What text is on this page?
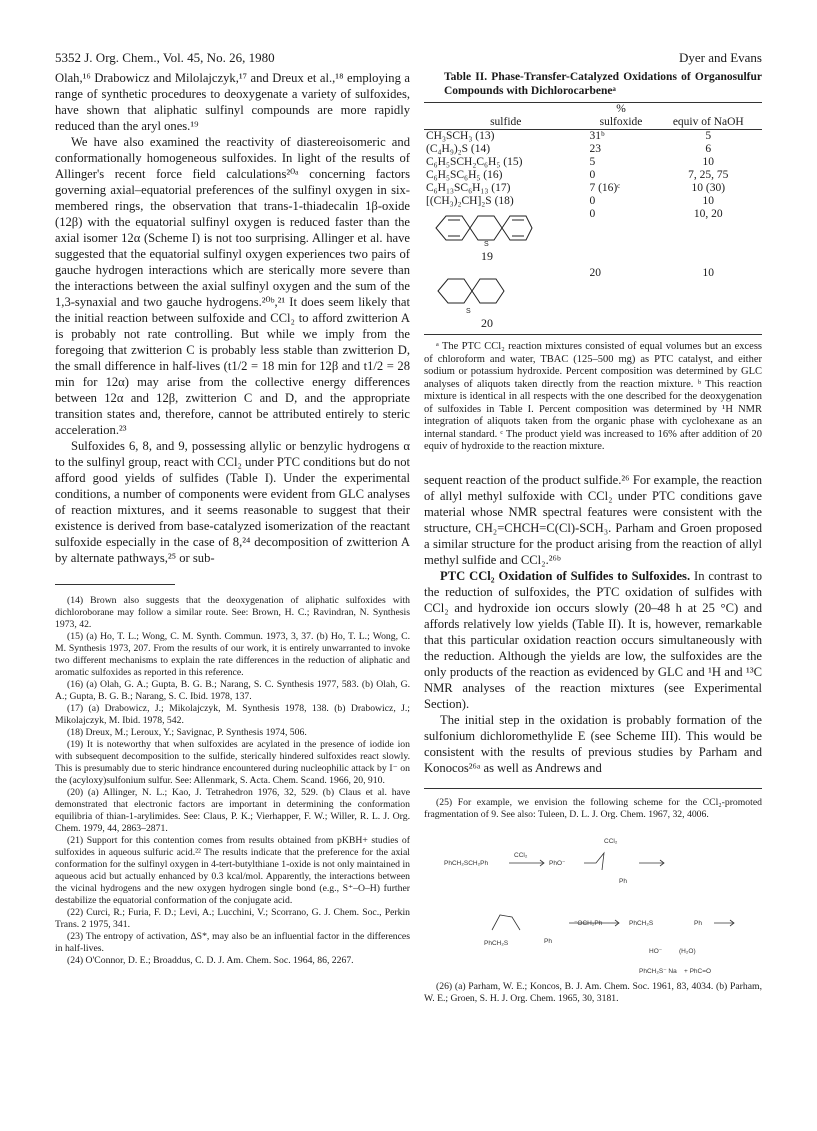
5352 J. Org. Chem., Vol. 45, No. 26, 1980	Dyer and Evans

Olah,¹⁶ Drabowicz and Milolajczyk,¹⁷ and Dreux et al.,¹⁸ employing a range of synthetic procedures to deoxygenate a variety of sulfoxides, have shown that aliphatic sulfinyl compounds are more rapidly reduced than the aryl ones.¹⁹

We have also examined the reactivity of diastereoisomeric and conformationally homogeneous sulfoxides. In light of the results of Allinger's recent force field calculations²⁰ᵃ concerning factors governing axial–equatorial preferences of the sulfinyl oxygen in six-membered rings, the observation that trans-1-thiadecalin 1β-oxide (12β) with the equatorial sulfinyl oxygen is reduced faster than the axial isomer 12α (Scheme I) is not too surprising. Allinger et al. have suggested that the equatorial sulfinyl oxygen experiences two pairs of gauche hydrogen interactions which are sterically more severe than the interactions between the axial sulfinyl oxygen and the sum of the 1,3-synaxial and two gauche hydrogens.²⁰ᵇ,²¹ It does seem likely that the initial reaction between sulfoxide and CCl₂ to afford zwitterion A is probably not rate controlling. But while we imply from the foregoing that zwitterion C is probably less stable than zwitterion D, the small difference in half-lives (t1/2 = 18 min for 12β and t1/2 = 28 min for 12α) may arise from the collective energy differences between 12α and 12β, zwitterion C and D, and the appropriate transition states and, therefore, cannot be attributed entirely to steric acceleration.²³

Sulfoxides 6, 8, and 9, possessing allylic or benzylic hydrogens α to the sulfinyl group, react with CCl₂ under PTC conditions but do not afford good yields of sulfides (Table I). Under the experimental conditions, a number of components were evident from GLC analyses of reaction mixtures, and it seems reasonable to suggest that their existence is derived from base-catalyzed isomerization of the reactant sulfoxide especially in the case of 8,²⁴ decomposition of zwitterion A by alternate pathways,²⁵ or sub-

(14) Brown also suggests that the deoxygenation of aliphatic sulfoxides with dichloroborane may follow a similar route. See: Brown, H. C.; Ravindran, N. Synthesis 1973, 42.

(15) (a) Ho, T. L.; Wong, C. M. Synth. Commun. 1973, 3, 37. (b) Ho, T. L.; Wong, C. M. Synthesis 1973, 207. From the results of our work, it is entirely unwarranted to invoke two different mechanisms to explain the rate differences in the reduction of aliphatic and aromatic sulfoxides as reported in this reference.

(16) (a) Olah, G. A.; Gupta, B. G. B.; Narang, S. C. Synthesis 1977, 583. (b) Olah, G. A.; Gupta, B. G. B.; Narang, S. C. Ibid. 1978, 137.

(17) (a) Drabowicz, J.; Mikolajczyk, M. Synthesis 1978, 138. (b) Drabowicz, J.; Mikolajczyk, M. Ibid. 1978, 542.

(18) Dreux, M.; Leroux, Y.; Savignac, P. Synthesis 1974, 506.

(19) It is noteworthy that when sulfoxides are acylated in the presence of iodide ion with subsequent decomposition to the sulfide, sterically hindered sulfoxides react slowly. This is presumably due to steric hindrance encountered during nucleophilic attack by I⁻ on the (acyloxy)sulfonium sulfur. See: Allenmark, S. Acta. Chem. Scand. 1966, 20, 910.

(20) (a) Allinger, N. L.; Kao, J. Tetrahedron 1976, 32, 529. (b) Claus et al. have demonstrated that electronic factors are important in determining the conformation equilibria of thian-1-arylimides. See: Claus, P. K.; Vierhapper, F. W.; Willer, R. L. J. Org. Chem. 1979, 44, 2863–2871.

(21) Support for this contention comes from results obtained from pKBH+ studies of sulfoxides in aqueous sulfuric acid.²² The results indicate that the preference for the axial conformation for the sulfinyl oxygen in 4-tert-butylthiane 1-oxide is not only maintained in aqueous acid but actually enhanced by 0.3 kcal/mol. Apparently, the interactions between the vicinal hydrogens and the new oxygen hydrogen single bond (e.g., S⁺–O–H) further destabilize the equatorial conformation of the conjugate acid.

(22) Curci, R.; Furia, F. D.; Levi, A.; Lucchini, V.; Scorrano, G. J. Chem. Soc., Perkin Trans. 2 1975, 341.

(23) The entropy of activation, ΔS*, may also be an influential factor in the differences in half-lives.

(24) O'Connor, D. E.; Broaddus, C. D. J. Am. Chem. Soc. 1964, 86, 2267.

Table II. Phase-Transfer-Catalyzed Oxidations of Organosulfur Compounds with Dichlorocarbeneᵃ
	%	
sulfide	sulfoxide	equiv of NaOH
CH₃SCH₃ (13)	31ᵇ	5
(C₄H₉)₂S (14)	23	6
C₆H₅SCH₂C₆H₅ (15)	5	10
C₆H₅SC₆H₅ (16)	0	7, 25, 75
C₆H₁₃SC₆H₁₃ (17)	7 (16)ᶜ	10 (30)
[(CH₃)₂CH]₂S (18)	0	10

S
19	0	10, 20

S
20	20	10
ᵃ The PTC CCl₂ reaction mixtures consisted of equal volumes but an excess of chloroform and water, TBAC (125–500 mg) as PTC catalyst, and either sodium or potassium hydroxide. Percent composition was determined by GLC analyses of aliquots taken directly from the reaction mixture. ᵇ This reaction mixture is identical in all respects with the one described for the deoxygenation of sulfoxides in Table I. Percent composition was determined by ¹H NMR integration of aliquots taken from the organic phase with cyclohexane as an internal standard. ᶜ The product yield was increased to 16% after addition of 20 equiv of hydroxide to the reaction mixture.

sequent reaction of the product sulfide.²⁶ For example, the reaction of allyl methyl sulfoxide with CCl₂ under PTC conditions gave material whose NMR spectral features were consistent with the structure, CH₂=CHCH=C(Cl)-SCH₃. Parham and Groen proposed a similar structure for the product arising from the reaction of allyl methyl sulfide and CCl₂.²⁶ᵇ

PTC CCl₂ Oxidation of Sulfides to Sulfoxides. In contrast to the reduction of sulfoxides, the PTC oxidation of sulfides with CCl₂ and hydroxide ion occurs slowly (20–48 h at 25 °C) and affords relatively low yields (Table II). It is, however, remarkable that this particular oxidation reaction occurs simultaneously with the reduction. Although the yields are low, the sulfoxides are the only products of the reaction as evidenced by GLC and ¹H and ¹³C NMR analyses of the reaction mixtures (see Experimental Section).

The initial step in the oxidation is probably formation of the sulfonium dichloromethylide E (see Scheme III). This would be consistent with the results of previous studies by Parham and Konocos²⁶ᵃ as well as Andrews and

(25) For example, we envision the following scheme for the CCl₂-promoted fragmentation of 9. See also: Tuleen, D. L. J. Org. Chem. 1967, 32, 4006.

PhCH₂SCH₂Ph
CCl₂
PhO⁻
CCl₂
Ph
PhCH₂S	Ph
⁻OCH₂Ph	PhCH₂S	Ph
HO⁻	(H₂O)
PhCH₂S⁻ Na + PhC=O

(26) (a) Parham, W. E.; Koncos, B. J. Am. Chem. Soc. 1961, 83, 4034. (b) Parham, W. E.; Groen, S. H. J. Org. Chem. 1965, 30, 3181.
